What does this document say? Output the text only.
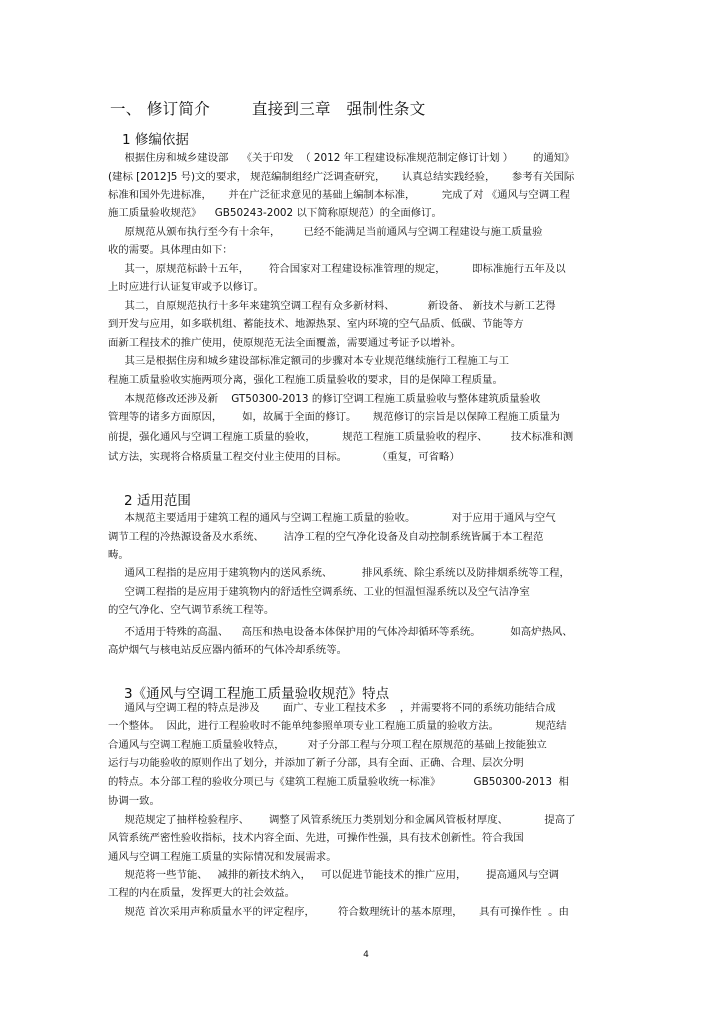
一、 修订简介        直接到三章   强制性条文
1 修编依据
根据住房和城乡建设部    《关于印发  （ 2012 年工程建设标准规范制定修订计划 ）      的通知》
(建标 [2012]5 号)文的要求， 规范编制组经广泛调查研究，     认真总结实践经验，     参考有关国际
标准和国外先进标准，     并在广泛征求意见的基础上编制本标准，        完成了对 《通风与空调工程
施工质量验收规范》    GB50243-2002 以下简称原规范）的全面修订。
原规范从颁布执行至今有十余年，       已经不能满足当前通风与空调工程建设与施工质量验
收的需要。具体理由如下：
其一，原规范标龄十五年，      符合国家对工程建设标准管理的规定，        即标准施行五年及以
上时应进行认证复审或予以修订。
其二，自原规范执行十多年来建筑空调工程有众多新材料、          新设备、 新技术与新工艺得
到开发与应用，如多联机组、蓄能技术、地源热泵、室内环境的空气品质、低碳、节能等方
面新工程技术的推广使用，使原规范无法全面覆盖，需要通过考证予以增补。
其三是根据住房和城乡建设部标准定额司的步骤对本专业规范继续施行工程施工与工
程施工质量验收实施两项分离，强化工程施工质量验收的要求，目的是保障工程质量。
本规范修改还涉及新    GT50300-2013 的修订空调工程施工质量验收与整体建筑质量验收
管理等的诸多方面原因，      如，故属于全面的修订。     规范修订的宗旨是以保障工程施工质量为
前提，强化通风与空调工程施工质量的验收，        规范工程施工质量验收的程序、       技术标准和测
试方法，实现将合格质量工程交付业主使用的目标。         （重复，可省略）
2 适用范围
本规范主要适用于建筑工程的通风与空调工程施工质量的验收。           对于应用于通风与空气
调节工程的冷热源设备及水系统、      洁净工程的空气净化设备及自动控制系统皆属于本工程范
畴。
通风工程指的是应用于建筑物内的送风系统、         排风系统、除尘系统以及防排烟系统等工程，
空调工程指的是应用于建筑物内的舒适性空调系统、工业的恒温恒湿系统以及空气洁净室
的空气净化、空气调节系统工程等。
不适用于特殊的高温、    高压和热电设备本体保护用的气体冷却循环等系统。         如高炉热风、
高炉烟气与核电站反应器内循环的气体冷却系统等。
3《通风与空调工程施工质量验收规范》特点
通风与空调工程的特点是涉及       面广、专业工程技术多    ，并需要将不同的系统功能结合成
一个整体。  因此，进行工程验收时不能单纯参照单项专业工程施工质量的验收方法。           规范结
合通风与空调工程施工质量验收特点，       对子分部工程与分项工程在原规范的基础上按能独立
运行与功能验收的原则作出了划分，并添加了新子分部，具有全面、正确、合理、层次分明
的特点。本分部工程的验收分项已与《建筑工程施工质量验收统一标准》          GB50300-2013  相
协调一致。
规范规定了抽样检验程序、      调整了风管系统压力类别划分和金属风管板材厚度、           提高了
风管系统严密性验收指标，技术内容全面、先进，可操作性强，具有技术创新性。符合我国
通风与空调工程施工质量的实际情况和发展需求。
规范将一些节能、   减排的新技术纳入，   可以促进节能技术的推广应用，      提高通风与空调
工程的内在质量，发挥更大的社会效益。
规范 首次采用声称质量水平的评定程序，       符合数理统计的基本原理，     具有可操作性  。由
4
